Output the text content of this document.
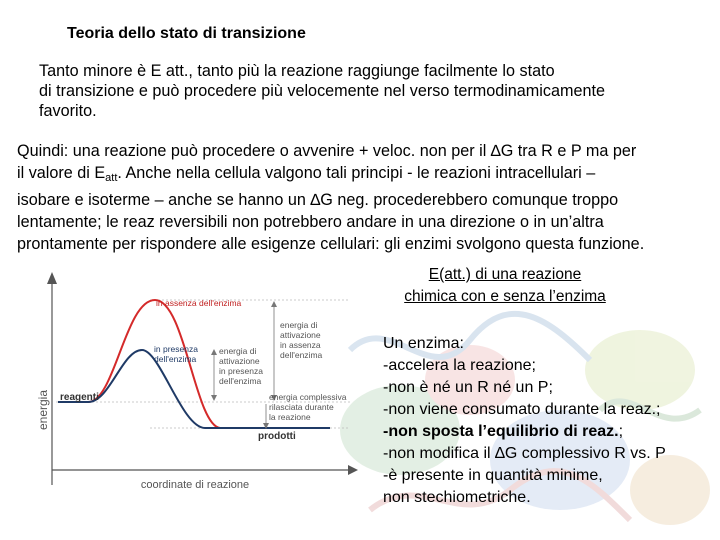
Teoria dello stato di transizione
Tanto minore è E att., tanto più la reazione raggiunge facilmente lo stato
di transizione e può procedere più velocemente nel verso termodinamicamente
favorito.
Quindi: una reazione può procedere o avvenire + veloc. non per il ∆G tra R e P ma per
il valore di $E_{att}$. Anche nella cellula valgono tali principi - le reazioni intracellulari –
isobare e isoterme – anche se hanno un ∆G neg. procederebbero comunque troppo
lentamente; le reaz reversibili non potrebbero andare in una direzione o in un’altra
prontamente per rispondere alle esigenze cellulari: gli enzimi svolgono questa funzione.
energia
coordinate di reazione
in assenza dell'enzima
in presenza dell'enzima
energia di attivazione in assenza dell'enzima
energia di attivazione in presenza dell'enzima
energia complessiva rilasciata durante la reazione
reagenti
prodotti
E(att.) di una reazione
chimica con e senza l’enzima
Un enzima:
-accelera la reazione;
-non è né un R né un P;
-non viene consumato durante la reaz.;
-non sposta l’equilibrio di reaz.;
-non modifica il ∆G complessivo R vs. P
-è presente in quantità minime,
non stechiometriche.
